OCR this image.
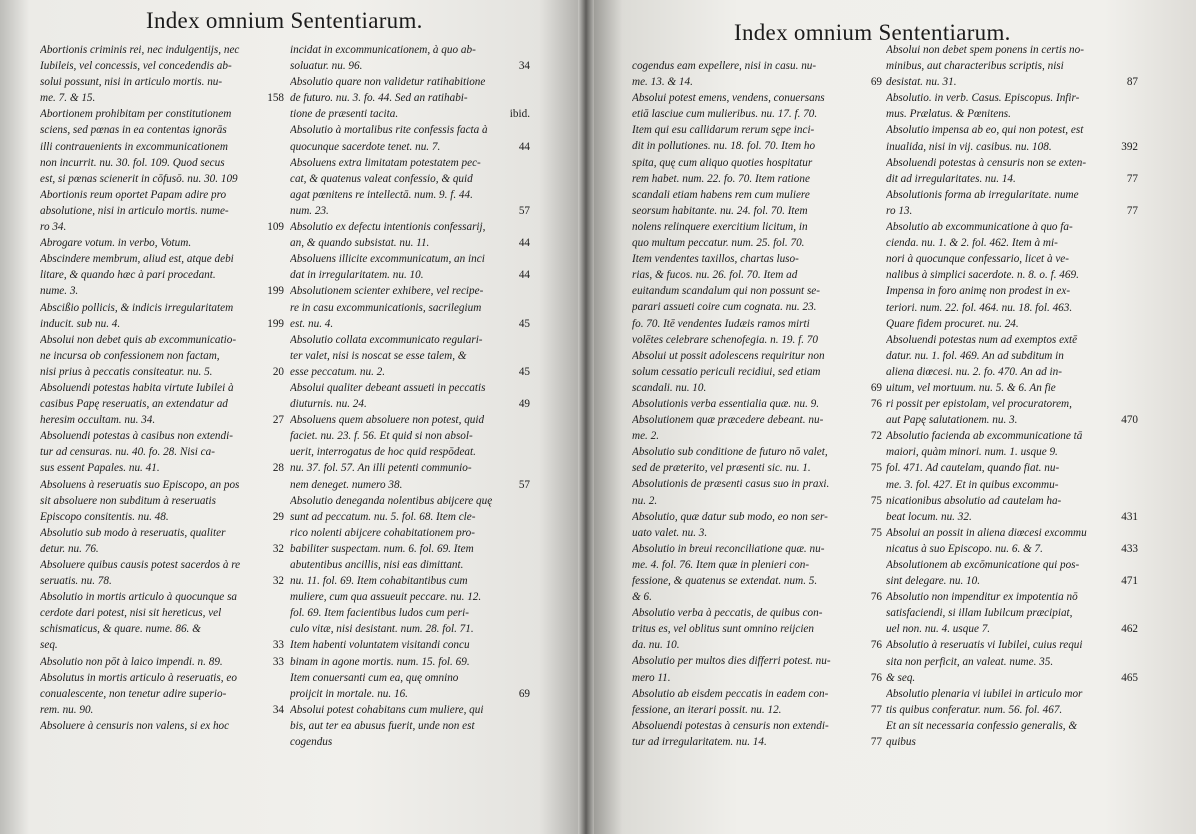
Index omnium Sententiarum.
Abortionis criminis rei, nec indulgentijs, nec
Iubileis, vel concessis, vel concedendis ab-
solui possunt, nisi in articulo mortis. nu-
me. 7. & 15.	158
Abortionem prohibitam per constitutionem
sciens, sed pœnas in ea contentas ignorās
illi contrauenients in excommunicationem
non incurrit. nu. 30. fol. 109. Quod secus
est, si pœnas scienerit in cōfusō. nu. 30. 109
Abortionis reum oportet Papam adire pro
absolutione, nisi in articulo mortis. nume-
ro 34.	109
Abrogare votum. in verbo, Votum.
Abscindere membrum, aliud est, atque debi
litare, & quando hæc à pari procedant.
nume. 3.	199
Abscißio pollicis, & indicis irregularitatem
inducit. sub nu. 4.	199
Absolui non debet quis ab excommunicatio-
ne incursa ob confessionem non factam,
nisi prius à peccatis consiteatur. nu. 5.	20
Absoluendi potestas habita virtute Iubilei à
casibus Papę reseruatis, an extendatur ad
heresim occultam. nu. 34.	27
Absoluendi potestas à casibus non extendi-
tur ad censuras. nu. 40. fo. 28. Nisi ca-
sus essent Papales. nu. 41.	28
Absoluens à reseruatis suo Episcopo, an pos
sit absoluere non subditum à reseruatis
Episcopo consitentis. nu. 48.	29
Absolutio sub modo à reseruatis, qualiter
detur. nu. 76.	32
Absoluere quibus causis potest sacerdos à re
seruatis. nu. 78.	32
Absolutio in mortis articulo à quocunque sa
cerdote dari potest, nisi sit hereticus, vel
schismaticus, & quare. nume. 86. &
seq.	33
Absolutio non pōt à laico impendi. n. 89.	33
Absolutus in mortis articulo à reseruatis, eo
conualescente, non tenetur adire superio-
rem. nu. 90.	34
Absoluere à censuris non valens, si ex hoc
incidat in excommunicationem, à quo ab-
soluatur. nu. 96.	34
Absolutio quare non validetur ratihabitione
de futuro. nu. 3. fo. 44. Sed an ratihabi-
tione de præsenti tacita.	ibid.
Absolutio à mortalibus rite confessis facta à
quocunque sacerdote tenet. nu. 7.	44
Absoluens extra limitatam potestatem pec-
cat, & quatenus valeat confessio, & quid
agat pœnitens re intellectā. num. 9. f. 44.
num. 23.	57
Absolutio ex defectu intentionis confessarij,
an, & quando subsistat. nu. 11.	44
Absoluens illicite excommunicatum, an inci
dat in irregularitatem. nu. 10.	44
Absolutionem scienter exhibere, vel recipe-
re in casu excommunicationis, sacrilegium
est. nu. 4.	45
Absolutio collata excommunicato regulari-
ter valet, nisi is noscat se esse talem, &
esse peccatum. nu. 2.	45
Absolui qualiter debeant assueti in peccatis
diuturnis. nu. 24.	49
Absoluens quem absoluere non potest, quid
faciet. nu. 23. f. 56. Et quid si non absol-
uerit, interrogatus de hoc quid respōdeat.
nu. 37. fol. 57. An illi petenti communio-
nem deneget. numero 38.	57
Absolutio deneganda nolentibus abijcere quę
sunt ad peccatum. nu. 5. fol. 68. Item cle-
rico nolenti abijcere cohabitationem pro-
babiliter suspectam. num. 6. fol. 69. Item
abutentibus ancillis, nisi eas dimittant.
nu. 11. fol. 69. Item cohabitantibus cum
muliere, cum qua assueuit peccare. nu. 12.
fol. 69. Item facientibus ludos cum peri-
culo vitæ, nisi desistant. num. 28. fol. 71.
Item habenti voluntatem visitandi concu
binam in agone mortis. num. 15. fol. 69.
Item conuersanti cum ea, quę omnino
proijcit in mortale. nu. 16.	69
Absolui potest cohabitans cum muliere, qui
bis, aut ter ea abusus fuerit, unde non est
cogendus
Index omnium Sententiarum.
cogendus eam expellere, nisi in casu. nu-
me. 13. & 14.	69
Absolui potest emens, vendens, conuersans
etiā lasciue cum mulieribus. nu. 17. f. 70.
Item qui esu callidarum rerum sępe inci-
dit in pollutiones. nu. 18. fol. 70. Item ho
spita, quę cum aliquo quoties hospitatur
rem habet. num. 22. fo. 70. Item ratione
scandali etiam habens rem cum muliere
seorsum habitante. nu. 24. fol. 70. Item
nolens relinquere exercitium licitum, in
quo multum peccatur. num. 25. fol. 70.
Item vendentes taxillos, chartas luso-
rias, & fucos. nu. 26. fol. 70. Item ad
euitandum scandalum qui non possunt se-
parari assueti coire cum cognata. nu. 23.
fo. 70. Itē vendentes Iudæis ramos mirti
volētes celebrare schenofegia. n. 19. f. 70
Absolui ut possit adolescens requiritur non
solum cessatio periculi recidiui, sed etiam
scandali. nu. 10.	69
Absolutionis verba essentialia quæ. nu. 9.	76
Absolutionem quæ præcedere debeant. nu-
me. 2.	72
Absolutio sub conditione de futuro nō valet,
sed de præterito, vel præsenti sic. nu. 1.	75
Absolutionis de præsenti casus suo in praxi.
nu. 2.	75
Absolutio, quæ datur sub modo, eo non ser-
uato valet. nu. 3.	75
Absolutio in breui reconciliatione quæ. nu-
me. 4. fol. 76. Item quæ in plenieri con-
fessione, & quatenus se extendat. num. 5.
& 6.	76
Absolutio verba à peccatis, de quibus con-
tritus es, vel oblitus sunt omnino reijcien
da. nu. 10.	76
Absolutio per multos dies differri potest. nu-
mero 11.	76
Absolutio ab eisdem peccatis in eadem con-
fessione, an iterari possit. nu. 12.	77
Absoluendi potestas à censuris non extendi-
tur ad irregularitatem. nu. 14.	77
Absolui non debet spem ponens in certis no-
minibus, aut characteribus scriptis, nisi
desistat. nu. 31.	87
Absolutio. in verb. Casus. Episcopus. Infir-
mus. Prælatus. & Pœnitens.
Absolutio impensa ab eo, qui non potest, est
inualida, nisi in vij. casibus. nu. 108.	392
Absoluendi potestas à censuris non se exten-
dit ad irregularitates. nu. 14.	77
Absolutionis forma ab irregularitate. nume
ro 13.	77
Absolutio ab excommunicatione à quo fa-
cienda. nu. 1. & 2. fol. 462. Item à mi-
nori à quocunque confessario, licet à ve-
nalibus à simplici sacerdote. n. 8. o. f. 469.
Impensa in foro animę non prodest in ex-
teriori. num. 22. fol. 464. nu. 18. fol. 463.
Quare fidem procuret. nu. 24.
Absoluendi potestas num ad exemptos extē
datur. nu. 1. fol. 469. An ad subditum in
aliena diœcesi. nu. 2. fo. 470. An ad in-
uitum, vel mortuum. nu. 5. & 6. An fie
ri possit per epistolam, vel procuratorem,
aut Papę salutationem. nu. 3.	470
Absolutio facienda ab excommunicatione tā
maiori, quàm minori. num. 1. usque 9.
fol. 471. Ad cautelam, quando fiat. nu-
me. 3. fol. 427. Et in quibus excommu-
nicationibus absolutio ad cautelam ha-
beat locum. nu. 32.	431
Absolui an possit in aliena diœcesi excommu
nicatus à suo Episcopo. nu. 6. & 7.	433
Absolutionem ab excōmunicatione qui pos-
sint delegare. nu. 10.	471
Absolutio non impenditur ex impotentia nō
satisfaciendi, si illam Iubilcum præcipiat,
uel non. nu. 4. usque 7.	462
Absolutio à reseruatis vi Iubilei, cuius requi
sita non perficit, an valeat. nume. 35.
& seq.	465
Absolutio plenaria vi iubilei in articulo mor
tis quibus conferatur. num. 56. fol. 467.
Et an sit necessaria confessio generalis, &
quibus
